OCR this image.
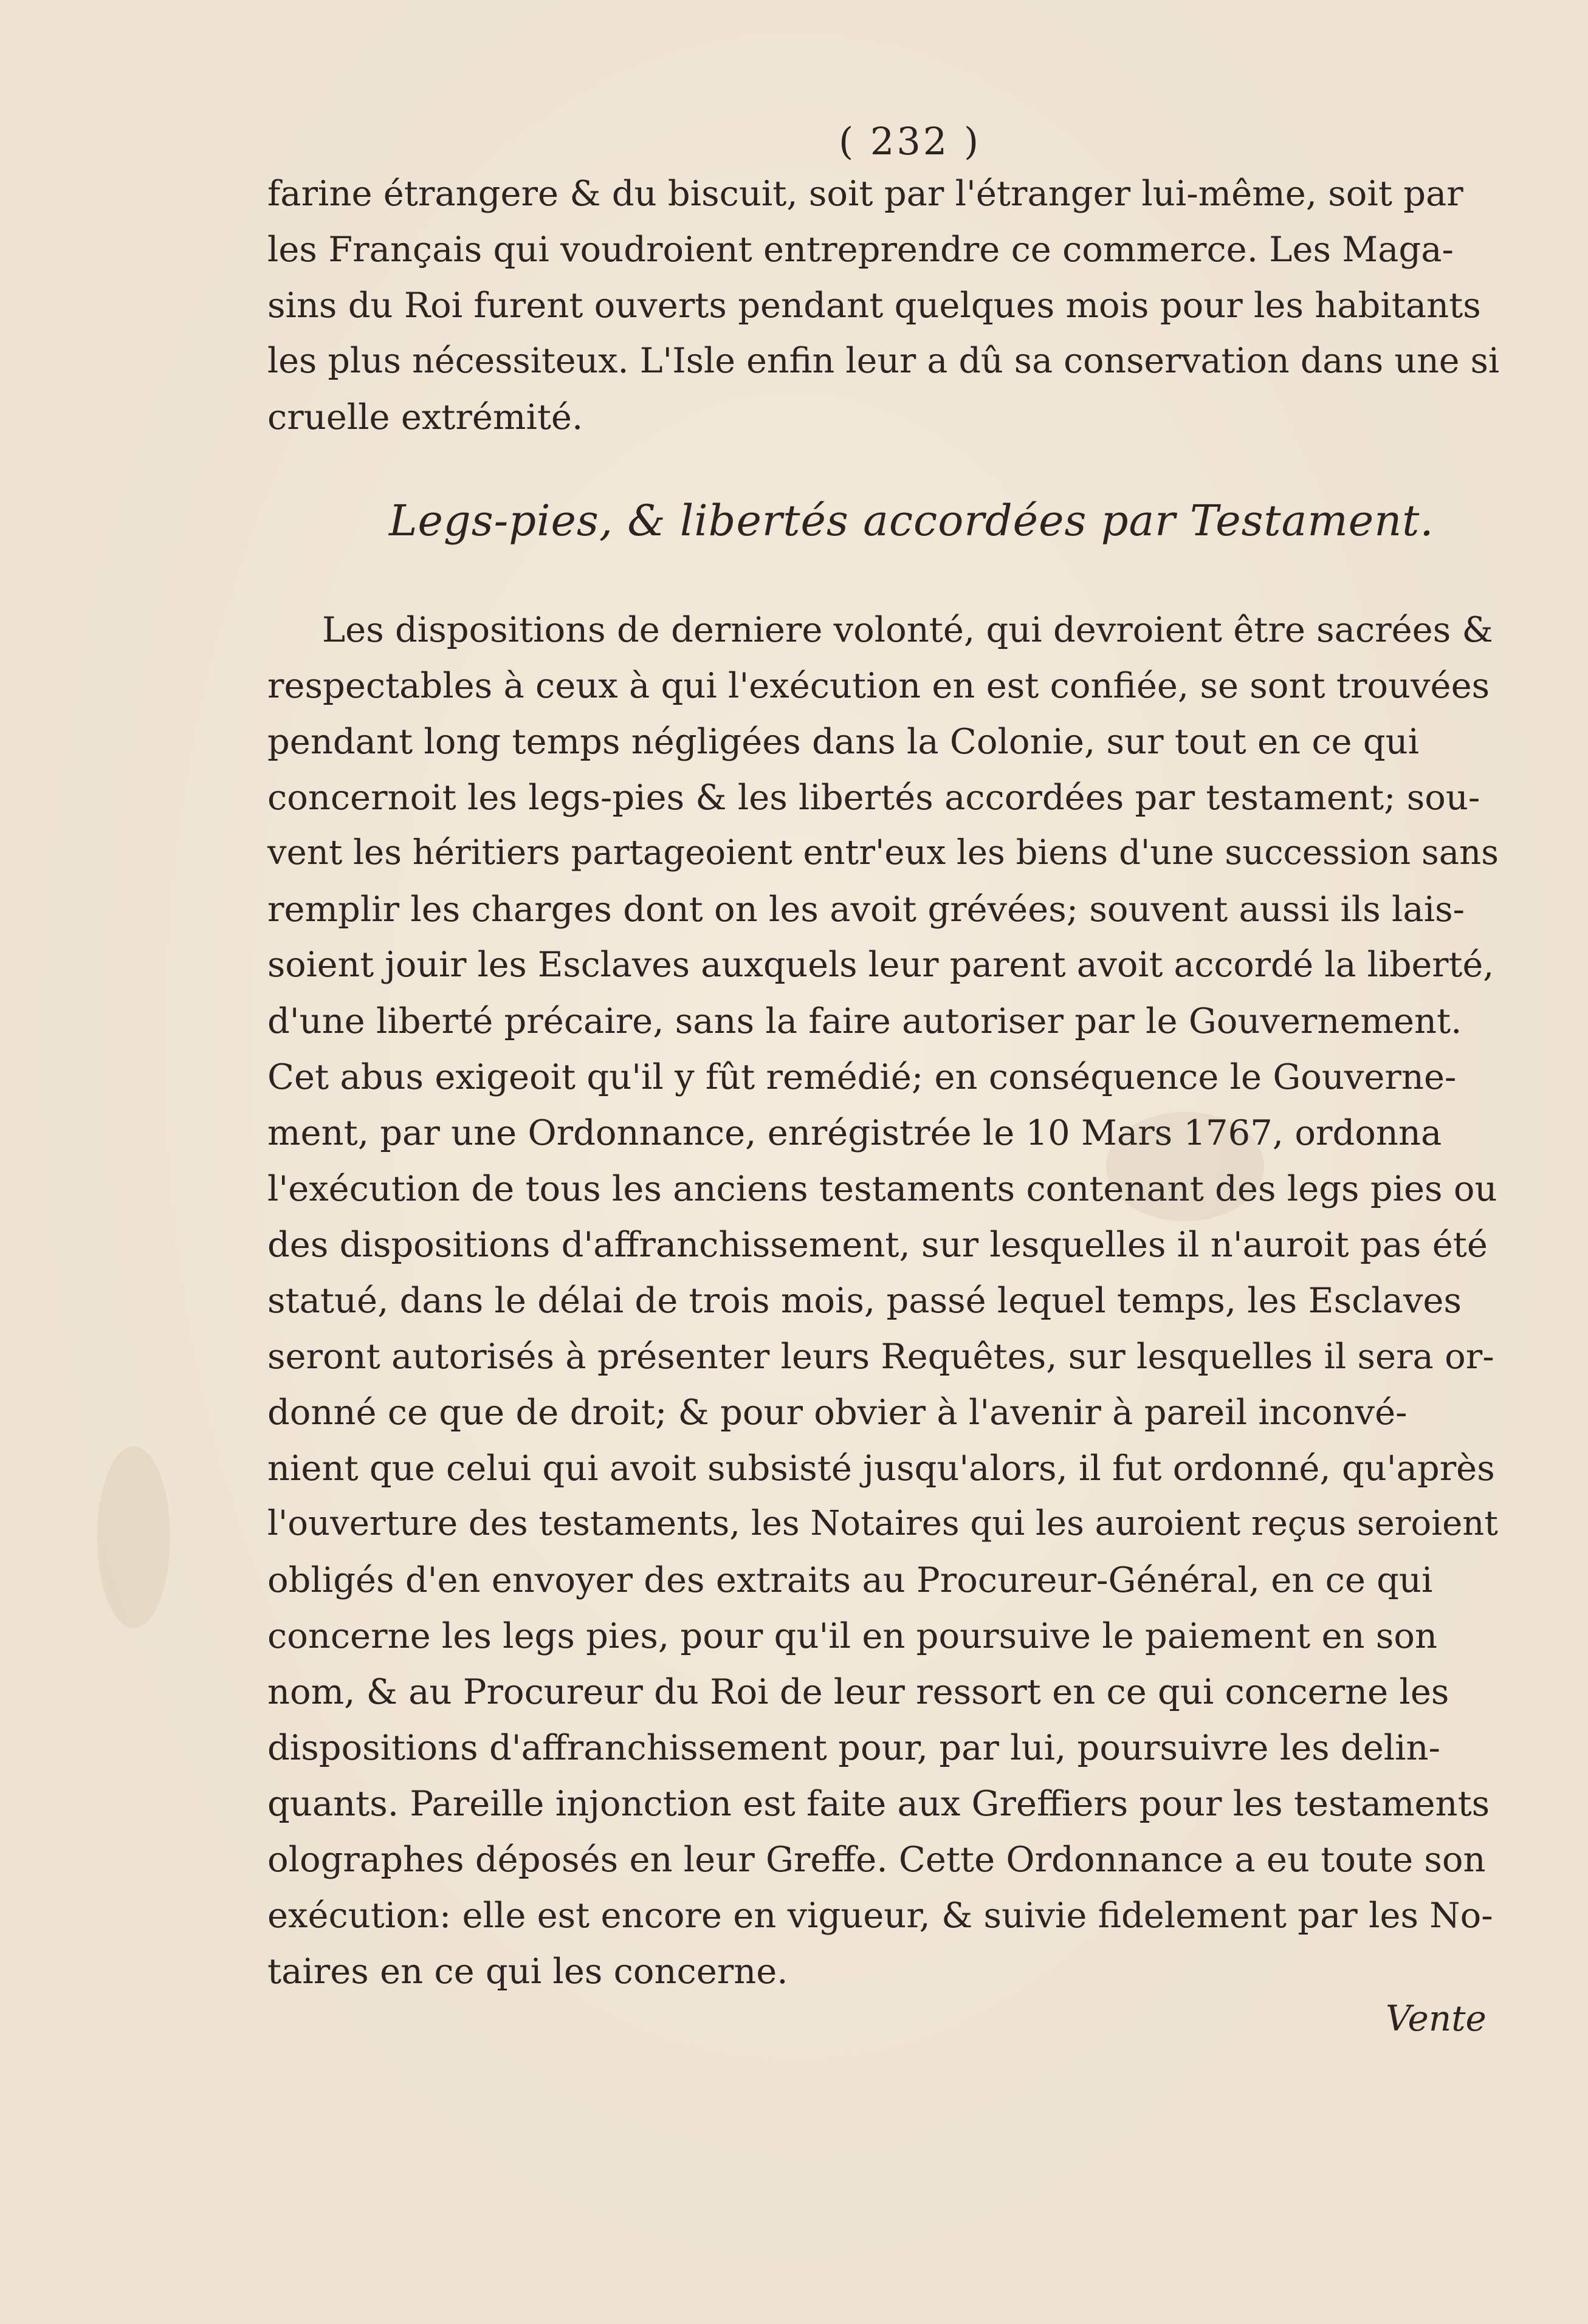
( 232 )
farine étrangere & du biscuit, soit par l'étranger lui-même, soit par
les Français qui voudroient entreprendre ce commerce. Les Maga-
sins du Roi furent ouverts pendant quelques mois pour les habitants
les plus nécessiteux. L'Isle enfin leur a dû sa conservation dans une si
cruelle extrémité.
Legs-pies, & libertés accordées par Testament.
Les dispositions de derniere volonté, qui devroient être sacrées &
respectables à ceux à qui l'exécution en est confiée, se sont trouvées
pendant long temps négligées dans la Colonie, sur tout en ce qui
concernoit les legs-pies & les libertés accordées par testament; sou-
vent les héritiers partageoient entr'eux les biens d'une succession sans
remplir les charges dont on les avoit grévées; souvent aussi ils lais-
soient jouir les Esclaves auxquels leur parent avoit accordé la liberté,
d'une liberté précaire, sans la faire autoriser par le Gouvernement.
Cet abus exigeoit qu'il y fût remédié; en conséquence le Gouverne-
ment, par une Ordonnance, enrégistrée le 10 Mars 1767, ordonna
l'exécution de tous les anciens testaments contenant des legs pies ou
des dispositions d'affranchissement, sur lesquelles il n'auroit pas été
statué, dans le délai de trois mois, passé lequel temps, les Esclaves
seront autorisés à présenter leurs Requêtes, sur lesquelles il sera or-
donné ce que de droit; & pour obvier à l'avenir à pareil inconvé-
nient que celui qui avoit subsisté jusqu'alors, il fut ordonné, qu'après
l'ouverture des testaments, les Notaires qui les auroient reçus seroient
obligés d'en envoyer des extraits au Procureur-Général, en ce qui
concerne les legs pies, pour qu'il en poursuive le paiement en son
nom, & au Procureur du Roi de leur ressort en ce qui concerne les
dispositions d'affranchissement pour, par lui, poursuivre les delin-
quants. Pareille injonction est faite aux Greffiers pour les testaments
olographes déposés en leur Greffe. Cette Ordonnance a eu toute son
exécution: elle est encore en vigueur, & suivie fidelement par les No-
taires en ce qui les concerne.
Vente
